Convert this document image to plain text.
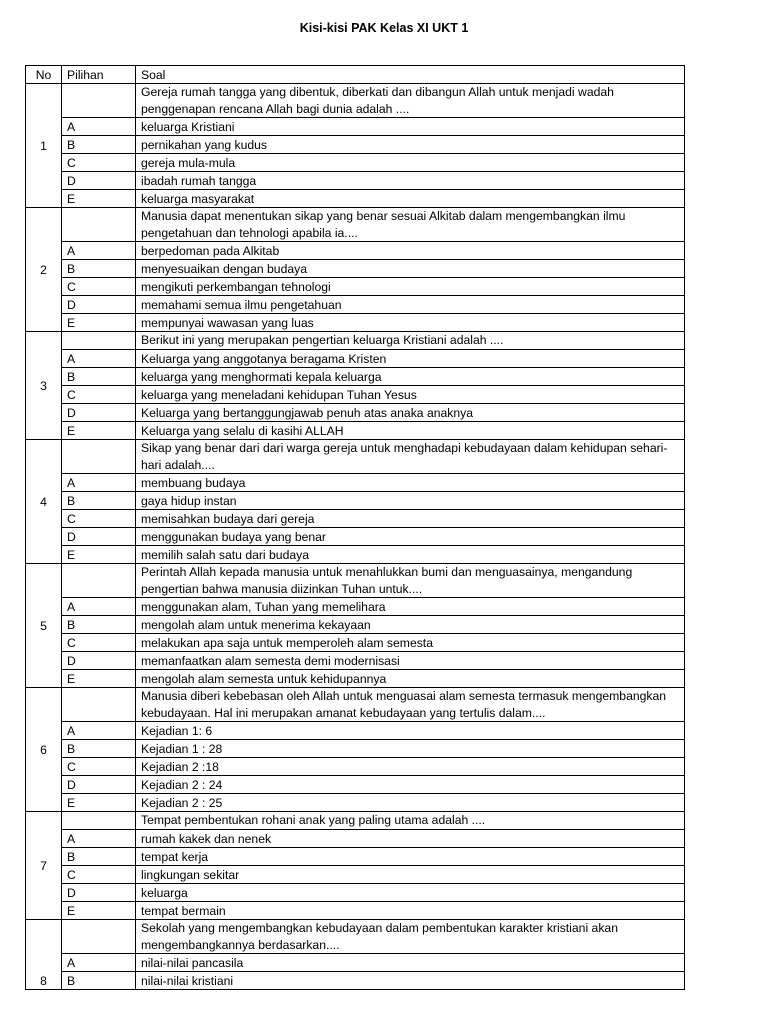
Kisi-kisi PAK Kelas XI UKT 1
No	Pilihan	Soal
1		Gereja rumah tangga yang dibentuk, diberkati dan dibangun Allah untuk menjadi wadah penggenapan rencana Allah bagi dunia adalah ....
	A	keluarga Kristiani
	B	pernikahan yang kudus
	C	gereja mula-mula
	D	ibadah rumah tangga
	E	keluarga masyarakat
2		Manusia dapat menentukan sikap yang benar sesuai Alkitab dalam mengembangkan ilmu pengetahuan dan tehnologi apabila ia....
	A	berpedoman pada Alkitab
	B	menyesuaikan dengan budaya
	C	mengikuti perkembangan tehnologi
	D	memahami semua ilmu pengetahuan
	E	mempunyai wawasan yang luas
3		Berikut ini yang merupakan pengertian keluarga Kristiani adalah ....
	A	Keluarga yang anggotanya beragama Kristen
	B	keluarga yang menghormati kepala keluarga
	C	keluarga yang meneladani kehidupan Tuhan Yesus
	D	Keluarga yang bertanggungjawab penuh atas anaka anaknya
	E	Keluarga yang selalu di kasihi ALLAH
4		Sikap yang benar dari dari warga gereja untuk menghadapi kebudayaan dalam kehidupan sehari-hari adalah....
	A	membuang budaya
	B	gaya hidup instan
	C	memisahkan budaya dari gereja
	D	menggunakan budaya yang benar
	E	memilih salah satu dari budaya
5		Perintah Allah kepada manusia untuk menahlukkan bumi dan menguasainya, mengandung pengertian bahwa manusia diizinkan Tuhan untuk....
	A	menggunakan alam, Tuhan yang memelihara
	B	mengolah alam untuk menerima kekayaan
	C	melakukan apa saja untuk memperoleh alam semesta
	D	memanfaatkan alam semesta demi modernisasi
	E	mengolah alam semesta untuk kehidupannya
6		Manusia diberi kebebasan oleh Allah untuk menguasai alam semesta termasuk mengembangkan kebudayaan. Hal ini merupakan amanat kebudayaan yang tertulis dalam....
	A	Kejadian 1: 6
	B	Kejadian 1 : 28
	C	Kejadian 2 :18
	D	Kejadian 2 : 24
	E	Kejadian 2 : 25
7		Tempat pembentukan rohani anak yang paling utama adalah ....
	A	rumah kakek dan nenek
	B	tempat kerja
	C	lingkungan sekitar
	D	keluarga
	E	tempat bermain
8		Sekolah yang mengembangkan kebudayaan dalam pembentukan karakter kristiani akan mengembangkannya berdasarkan....
	A	nilai-nilai pancasila
	B	nilai-nilai kristiani
